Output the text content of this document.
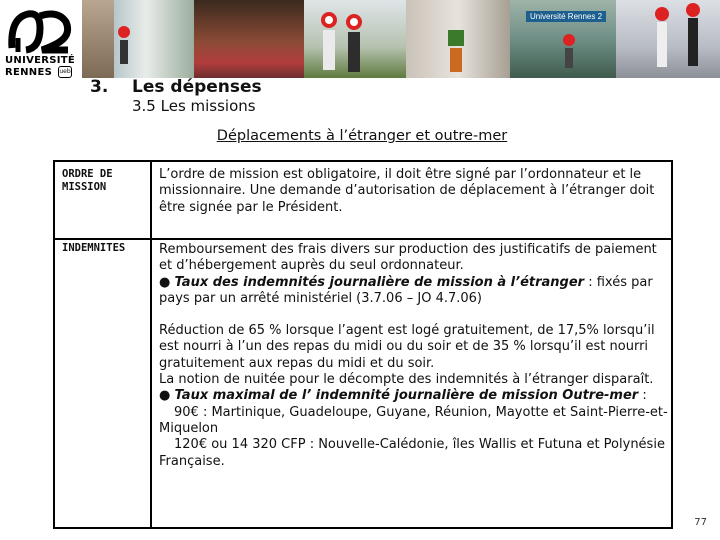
UNIVERSITÉ
RENNES ueb
Université Rennes 2
3. Les dépenses
3.5 Les missions
Déplacements à l’étranger et outre-mer
ORDRE DE
MISSION
L’ordre de mission est obligatoire, il doit être signé par l’ordonnateur et le missionnaire. Une demande d’autorisation de déplacement à l’étranger doit être signée par le Président.
INDEMNITES	Remboursement des frais divers sur production des justificatifs de paiement et d’hébergement auprès du seul ordonnateur.

● Taux des indemnités journalière de mission à l’étranger : fixés par pays par un arrêté ministériel (3.7.06 – JO 4.7.06)

Réduction de 65 % lorsque l’agent est logé gratuitement, de 17,5% lorsqu’il est nourri à l’un des repas du midi ou du soir et de 35 % lorsqu’il est nourri gratuitement aux repas du midi et du soir.

La notion de nuitée pour le décompte des indemnités à l’étranger disparaît.

● Taux maximal de l’ indemnité journalière de mission Outre-mer :

90€ : Martinique, Guadeloupe, Guyane, Réunion, Mayotte et Saint-Pierre-et-Miquelon

120€ ou 14 320 CFP : Nouvelle-Calédonie, îles Wallis et Futuna et Polynésie Française.

77
